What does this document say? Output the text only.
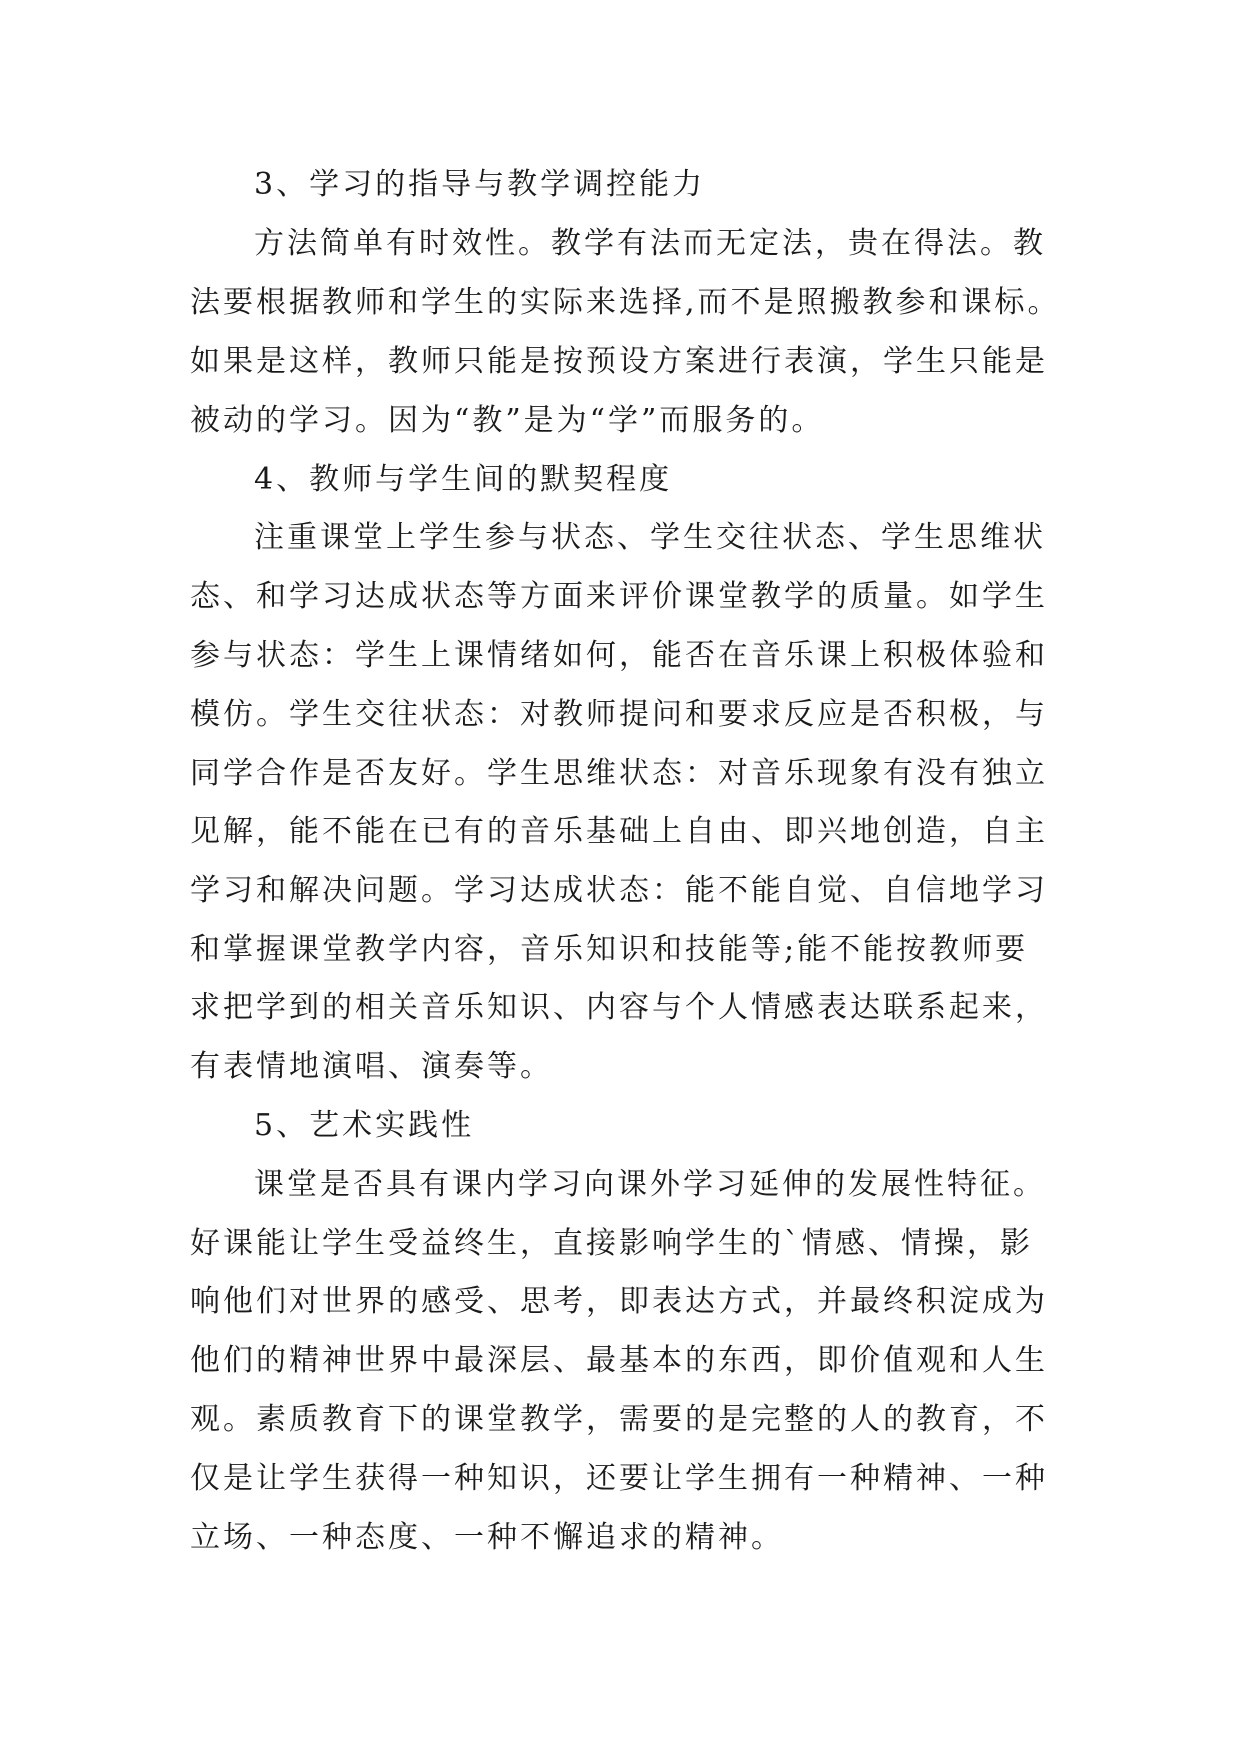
3、学习的指导与教学调控能力
方法简单有时效性。教学有法而无定法，贵在得法。教
法要根据教师和学生的实际来选择,而不是照搬教参和课标。
如果是这样，教师只能是按预设方案进行表演，学生只能是
被动的学习。因为“教”是为“学”而服务的。
4、教师与学生间的默契程度
注重课堂上学生参与状态、学生交往状态、学生思维状
态、和学习达成状态等方面来评价课堂教学的质量。如学生
参与状态：学生上课情绪如何，能否在音乐课上积极体验和
模仿。学生交往状态：对教师提问和要求反应是否积极，与
同学合作是否友好。学生思维状态：对音乐现象有没有独立
见解，能不能在已有的音乐基础上自由、即兴地创造，自主
学习和解决问题。学习达成状态：能不能自觉、自信地学习
和掌握课堂教学内容，音乐知识和技能等;能不能按教师要
求把学到的相关音乐知识、内容与个人情感表达联系起来，
有表情地演唱、演奏等。
5、艺术实践性
课堂是否具有课内学习向课外学习延伸的发展性特征。
好课能让学生受益终生，直接影响学生的`情感、情操，影
响他们对世界的感受、思考，即表达方式，并最终积淀成为
他们的精神世界中最深层、最基本的东西，即价值观和人生
观。素质教育下的课堂教学，需要的是完整的人的教育，不
仅是让学生获得一种知识，还要让学生拥有一种精神、一种
立场、一种态度、一种不懈追求的精神。
